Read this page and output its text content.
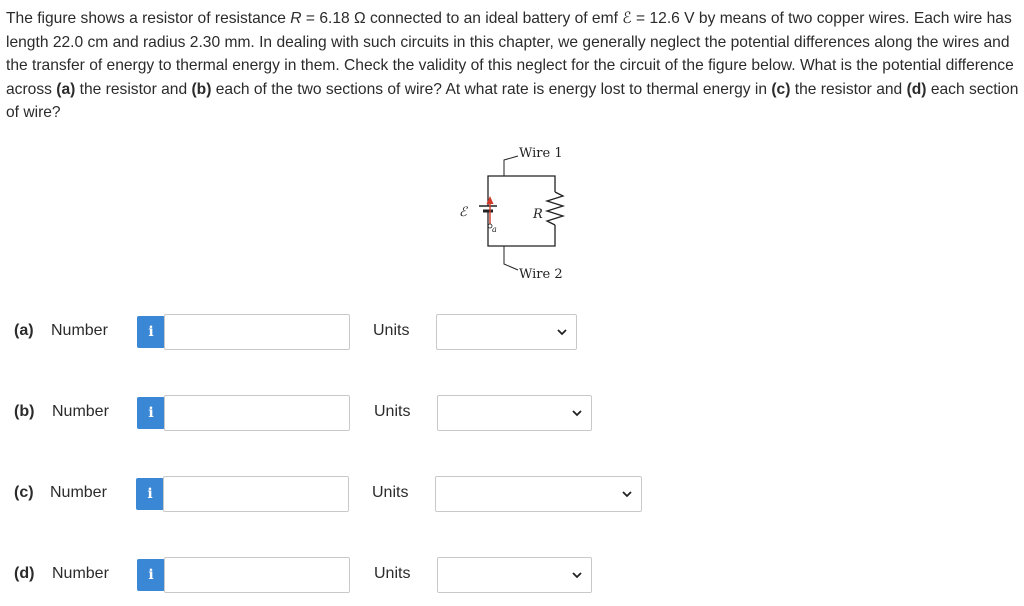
The figure shows a resistor of resistance R = 6.18 Ω connected to an ideal battery of emf ℰ = 12.6 V by means of two copper wires. Each wire has length 22.0 cm and radius 2.30 mm. In dealing with such circuits in this chapter, we generally neglect the potential differences along the wires and the transfer of energy to thermal energy in them. Check the validity of this neglect for the circuit of the figure below. What is the potential difference across (a) the resistor and (b) each of the two sections of wire? At what rate is energy lost to thermal energy in (c) the resistor and (d) each section of wire?
Wire 1
R
Wire 2
ℰ
a
(a) Number	i	Units
(b) Number	i	Units
(c) Number	i	Units
(d) Number	i	Units
